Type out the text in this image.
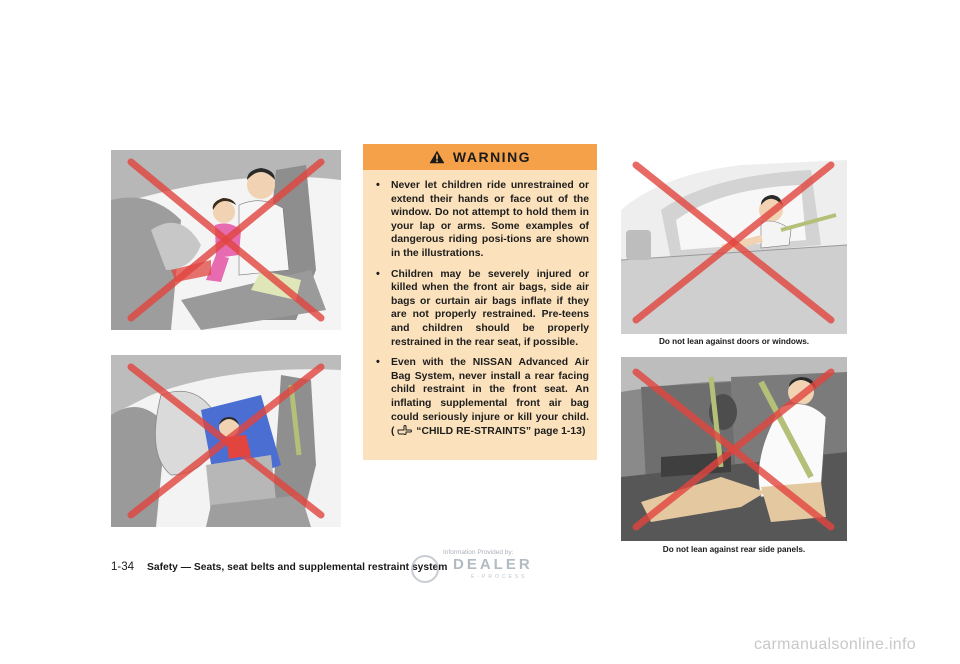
WARNING
• Never let children ride unrestrained or extend their hands or face out of the window. Do not attempt to hold them in your lap or arms. Some examples of dangerous riding posi-tions are shown in the illustrations.
• Children may be severely injured or killed when the front air bags, side air bags or curtain air bags inflate if they are not properly restrained. Pre-teens and children should be properly restrained in the rear seat, if possible.
• Even with the NISSAN Advanced Air Bag System, never install a rear facing child restraint in the front seat. An inflating supplemental front air bag could seriously injure or kill your child. ( “CHILD RE-STRAINTS” page 1-13)
Do not lean against doors or windows.
Do not lean against rear side panels.
1-34 Safety — Seats, seat belts and supplemental restraint system
Information Provided by:
DEALER
E-PROCESS
carmanualsonline.info
